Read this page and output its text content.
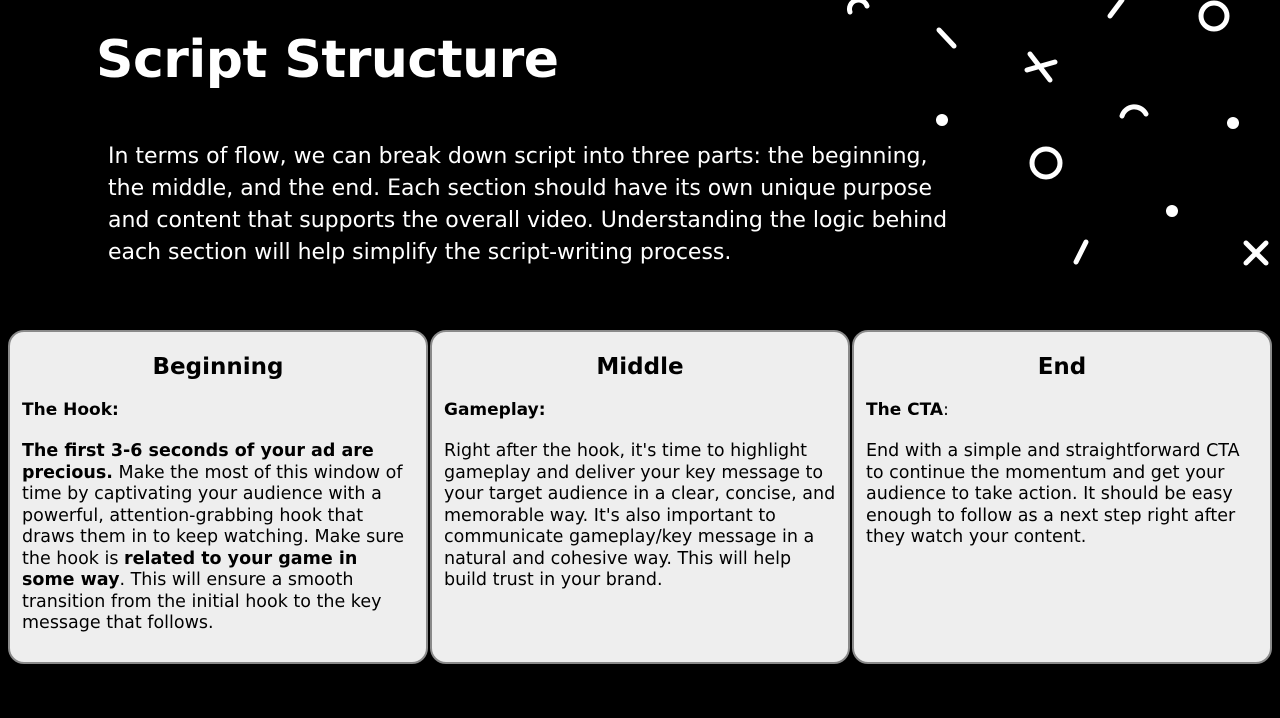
Script Structure
In terms of flow, we can break down script into three parts: the beginning, the middle, and the end. Each section should have its own unique purpose and content that supports the overall video. Understanding the logic behind each section will help simplify the script-writing process.
Beginning
The Hook:
The first 3-6 seconds of your ad are precious. Make the most of this window of time by captivating your audience with a powerful, attention-grabbing hook that draws them in to keep watching. Make sure the hook is related to your game in some way. This will ensure a smooth transition from the initial hook to the key message that follows.
Middle
Gameplay:
Right after the hook, it's time to highlight gameplay and deliver your key message to your target audience in a clear, concise, and memorable way. It's also important to communicate gameplay/key message in a natural and cohesive way. This will help build trust in your brand.
End
The CTA:
End with a simple and straightforward CTA to continue the momentum and get your audience to take action. It should be easy enough to follow as a next step right after they watch your content.
